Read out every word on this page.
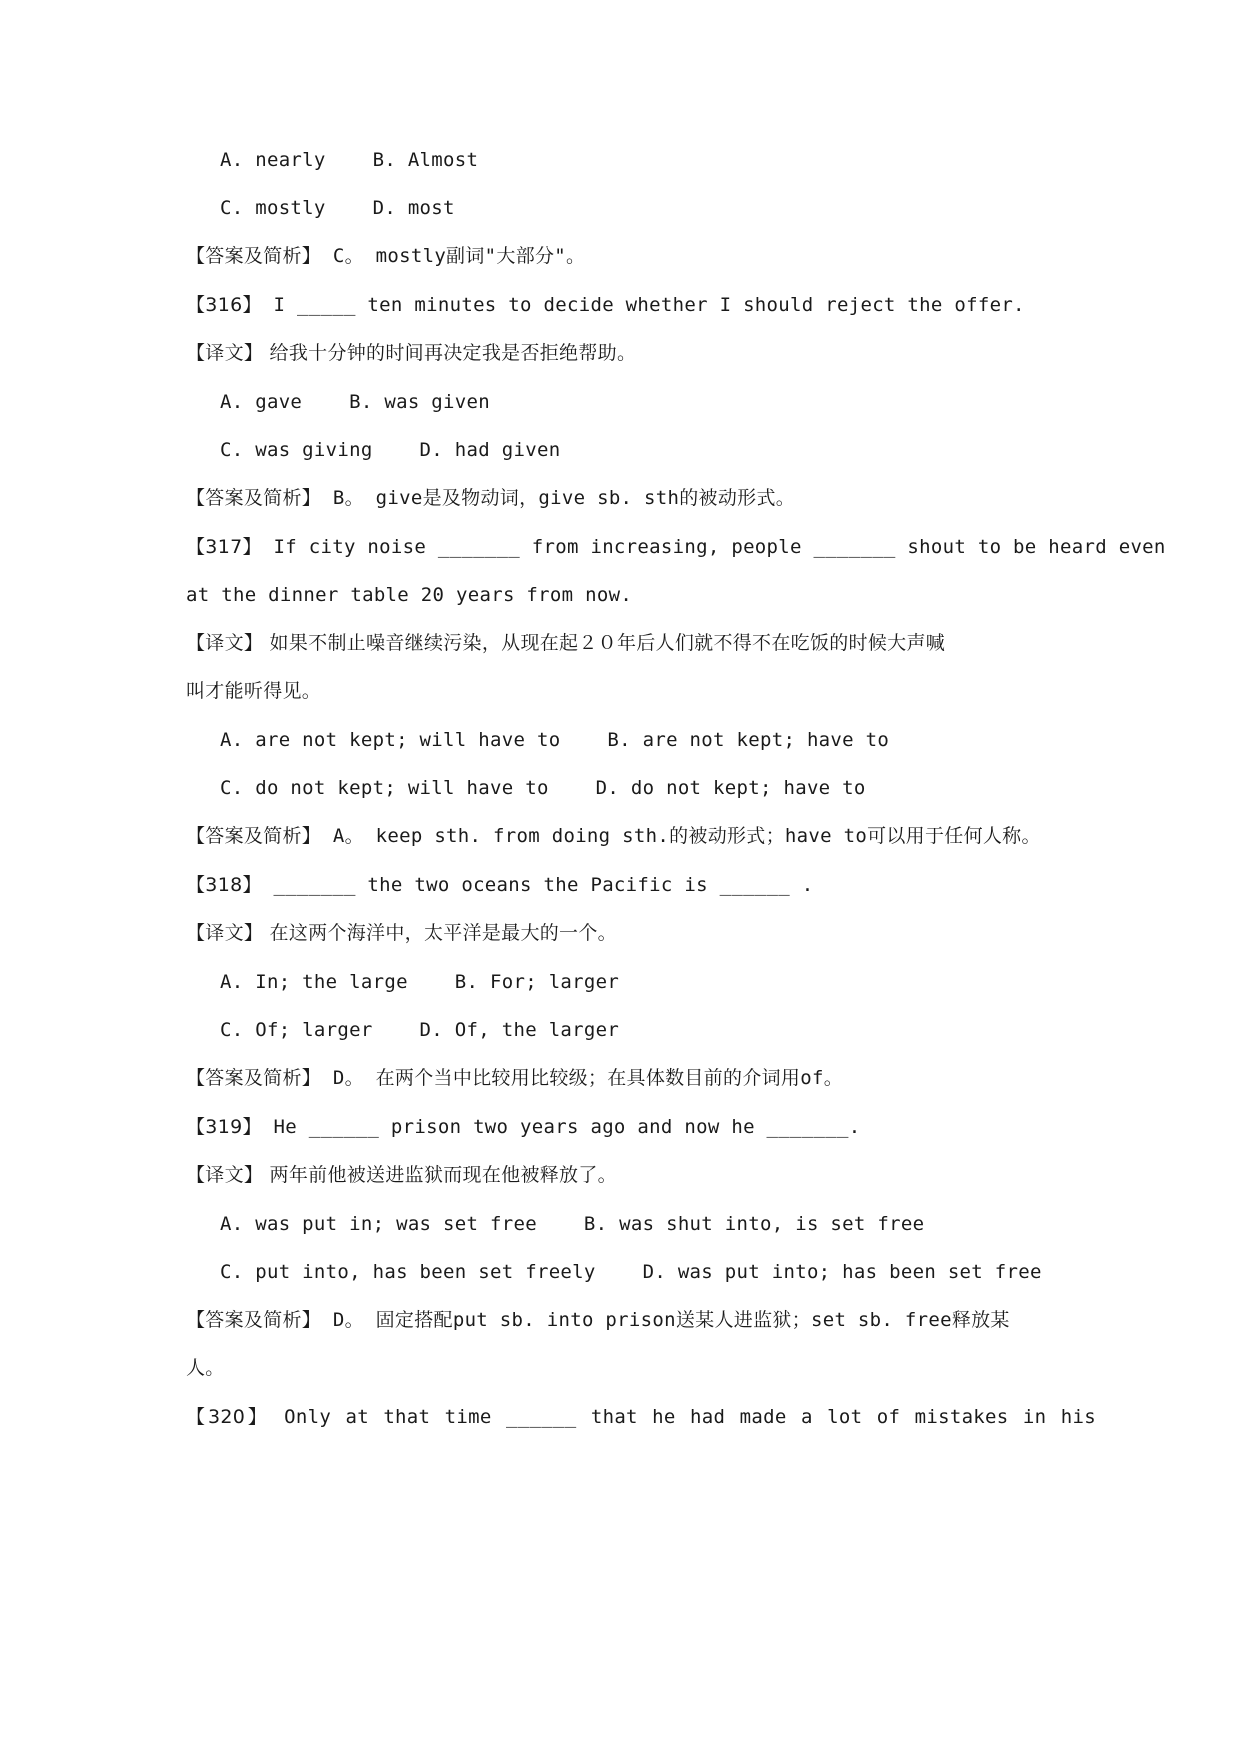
A. nearly    B. Almost
C. mostly    D. most
【答案及简析】 C。 mostly副词"大部分"。
【316】 I _____ ten minutes to decide whether I should reject the offer.
【译文】 给我十分钟的时间再决定我是否拒绝帮助。
A. gave    B. was given
C. was giving    D. had given
【答案及简析】 B。 give是及物动词，give sb. sth的被动形式。
【317】 If city noise _______ from increasing, people _______ shout to be heard even
at the dinner table 20 years from now.
【译文】 如果不制止噪音继续污染，从现在起２０年后人们就不得不在吃饭的时候大声喊
叫才能听得见。
A. are not kept; will have to    B. are not kept; have to
C. do not kept; will have to    D. do not kept; have to
【答案及简析】 A。 keep sth. from doing sth.的被动形式；have to可以用于任何人称。
【318】 _______ the two oceans the Pacific is ______ .
【译文】 在这两个海洋中，太平洋是最大的一个。
A. In; the large    B. For; larger
C. Of; larger    D. Of, the larger
【答案及简析】 D。 在两个当中比较用比较级；在具体数目前的介词用of。
【319】 He ______ prison two years ago and now he _______.
【译文】 两年前他被送进监狱而现在他被释放了。
A. was put in; was set free    B. was shut into, is set free
C. put into, has been set freely    D. was put into; has been set free
【答案及简析】 D。 固定搭配put sb. into prison送某人进监狱；set sb. free释放某
人。
【320】 Only at that time ______ that he had made a lot of mistakes in his
